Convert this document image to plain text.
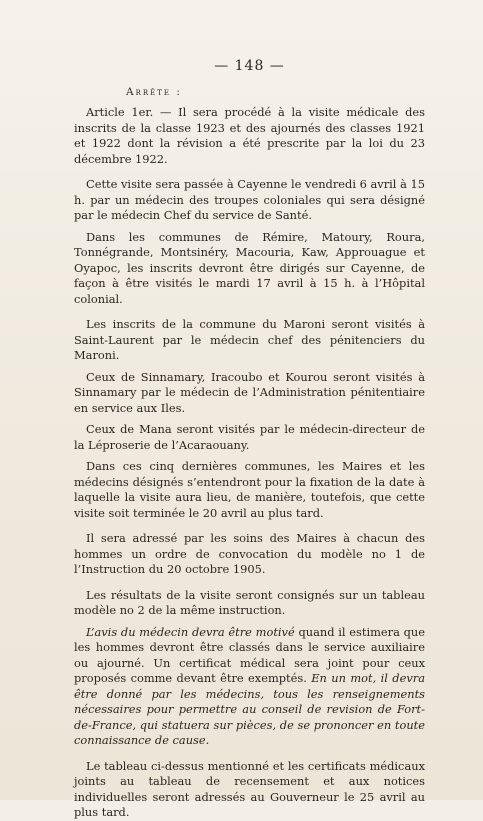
— 148 —
Arrête :

Article 1er. — Il sera procédé à la visite médicale des inscrits de la classe 1923 et des ajournés des classes 1921 et 1922 dont la révision a été prescrite par la loi du 23 décembre 1922.

Cette visite sera passée à Cayenne le vendredi 6 avril à 15 h. par un médecin des troupes coloniales qui sera désigné par le médecin Chef du service de Santé.

Dans les communes de Rémire, Matoury, Roura, Tonnégrande, Montsinéry, Macouria, Kaw, Approuague et Oyapoc, les inscrits devront être dirigés sur Cayenne, de façon à être visités le mardi 17 avril à 15 h. à l’Hôpital colonial.

Les inscrits de la commune du Maroni seront visités à Saint-Laurent par le médecin chef des pénitenciers du Maroni.

Ceux de Sinnamary, Iracoubo et Kourou seront visités à Sinnamary par le médecin de l’Administration pénitentiaire en service aux Iles.

Ceux de Mana seront visités par le médecin-directeur de la Léproserie de l’Acaraouany.

Dans ces cinq dernières communes, les Maires et les médecins désignés s’entendront pour la fixation de la date à laquelle la visite aura lieu, de manière, toutefois, que cette visite soit terminée le 20 avril au plus tard.

Il sera adressé par les soins des Maires à chacun des hommes un ordre de convocation du modèle no 1 de l’Instruction du 20 octobre 1905.

Les résultats de la visite seront consignés sur un tableau modèle no 2 de la même instruction.

L’avis du médecin devra être motivé quand il estimera que les hommes devront être classés dans le service auxiliaire ou ajourné. Un certificat médical sera joint pour ceux proposés comme devant être exemptés. En un mot, il devra être donné par les médecins, tous les renseignements nécessaires pour permettre au conseil de revision de Fort-de-France, qui statuera sur pièces, de se prononcer en toute connaissance de cause.

Le tableau ci-dessus mentionné et les certificats médicaux joints au tableau de recensement et aux notices individuelles seront adressés au Gouverneur le 25 avril au plus tard.
